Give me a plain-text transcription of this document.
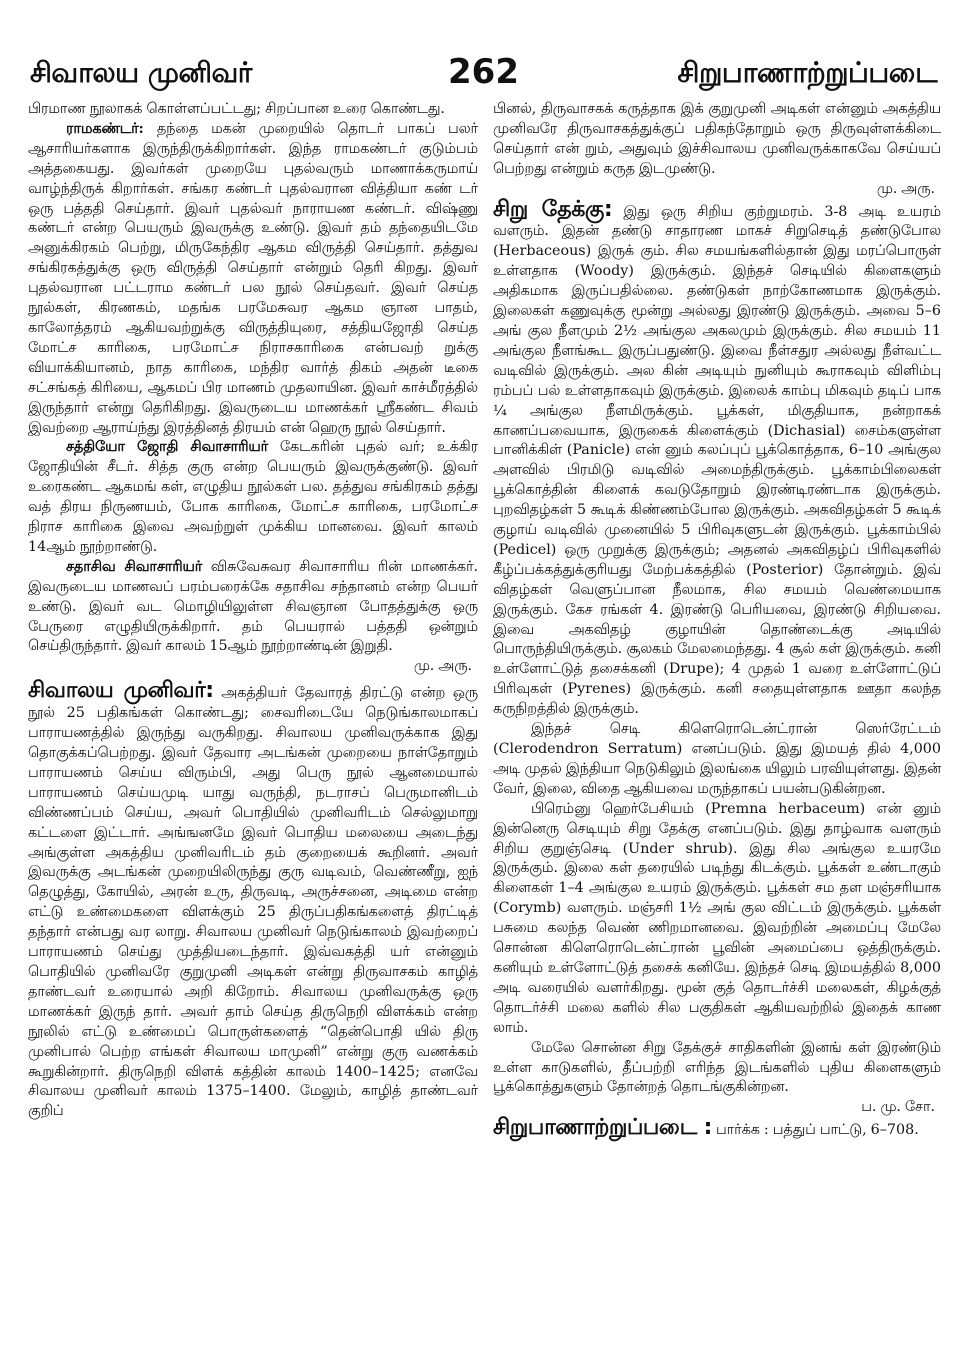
சிவாலய முனிவர்	262	சிறுபாணாற்றுப்படை

பிரமாண நூலாகக் கொள்ளப்பட்டது; சிறப்பான உரை கொண்டது.

ராமகண்டர்: தந்தை மகன் முறையில் தொடர் பாகப் பலர் ஆசாரியர்களாக இருந்திருக்கிறார்கள். இந்த ராமகண்டர் குடும்பம் அத்தகையது. இவர்கள் முறையே புதல்வரும் மாணாக்கருமாய் வாழ்ந்திருக் கிறார்கள். சங்கர கண்டர் புதல்வரான வித்தியா கண் டர் ஒரு பத்ததி செய்தார். இவர் புதல்வர் நாராயண கண்டர். விஷ்ணு கண்டர் என்ற பெயரும் இவருக்கு உண்டு. இவர் தம் தந்தையிடமே அனுக்கிரகம் பெற்று, மிருகேந்திர ஆகம விருத்தி செய்தார். தத்துவ சங்கிரகத்துக்கு ஒரு விருத்தி செய்தார் என்றும் தெரி கிறது. இவர் புதல்வரான பட்டராம கண்டர் பல நூல் செய்தவர். இவர் செய்த நூல்கள், கிரணகம், மதங்க பரமேசுவர ஆகம ஞான பாதம், காலோத்தரம் ஆகியவற்றுக்கு விருத்தியுரை, சத்தியஜோதி செய்த மோட்ச காரிகை, பரமோட்ச நிராசகாரிகை என்பவற் றுக்கு வியாக்கியானம், நாத காரிகை, மந்திர வார்த் திகம் அதன் டீகை சட்சங்கத் கிரியை, ஆகமப் பிர மாணம் முதலாயின. இவர் காச்மீரத்தில் இருந்தார் என்று தெரிகிறது. இவருடைய மாணக்கர் ஸ்ரீகண்ட சிவம் இவற்றை ஆராய்ந்து இரத்தினத் திரயம் என் ஹெரு நூல் செய்தார்.

சத்தியோ ஜோதி சிவாசாரியர் கேடகரின் புதல் வர்; உக்கிர ஜோதியின் சீடர். சித்த குரு என்ற பெயரும் இவருக்குண்டு. இவர் உரைகண்ட ஆகமங் கள், எழுதிய நூல்கள் பல. தத்துவ சங்கிரகம் தத்து வத் திரய நிருணயம், போக காரிகை, மோட்ச காரிகை, பரமோட்ச நிராச காரிகை இவை அவற்றுள் முக்கிய மானவை. இவர் காலம் 14ஆம் நூற்றாண்டு.

சதாசிவ சிவாசாரியர் விசுவேசுவர சிவாசாரிய ரின் மாணக்கர். இவருடைய மாணவப் பரம்பரைக்கே சதாசிவ சந்தானம் என்ற பெயர் உண்டு. இவர் வட மொழியிலுள்ள சிவஞான போதத்துக்கு ஒரு பேருரை எழுதியிருக்கிறார். தம் பெயரால் பத்ததி ஒன்றும் செய்திருந்தார். இவர் காலம் 15ஆம் நூற்றாண்டின் இறுதி.
மு. அரு.

சிவாலய முனிவர்: அகத்தியர் தேவாரத் திரட்டு என்ற ஒரு நூல் 25 பதிகங்கள் கொண்டது; சைவரிடையே நெடுங்காலமாகப் பாராயணத்தில் இருந்து வருகிறது. சிவாலய முனிவருக்காக இது தொகுக்கப்பெற்றது. இவர் தேவார அடங்கன் முறையை நாள்தோறும் பாராயணம் செய்ய விரும்பி, அது பெரு நூல் ஆனமையால் பாராயணம் செய்யமுடி யாது வருந்தி, நடராசப் பெருமானிடம் விண்ணப்பம் செய்ய, அவர் பொதியில் முனிவரிடம் செல்லுமாறு கட்டளை இட்டார். அங்ஙனமே இவர் பொதிய மலையை அடைந்து அங்குள்ள அகத்திய முனிவரிடம் தம் குறையைக் கூறினர். அவர் இவருக்கு அடங்கன் முறையிலிருந்து குரு வடிவம், வெண்ணீறு, ஐந் தெழுத்து, கோயில், அரன் உரு, திருவடி, அருச்சனை, அடிமை என்ற எட்டு உண்மைகளை விளக்கும் 25 திருப்பதிகங்களைத் திரட்டித் தந்தார் என்பது வர லாறு. சிவாலய முனிவர் நெடுங்காலம் இவற்றைப் பாராயணம் செய்து முத்தியடைந்தார். இவ்வகத்தி யர் என்னும் பொதியில் முனிவரே குறுமுனி அடிகள் என்று திருவாசகம் காழித் தாண்டவர் உரையால் அறி கிறோம். சிவாலய முனிவருக்கு ஒரு மாணக்கர் இருந் தார். அவர் தாம் செய்த திருநெறி விளக்கம் என்ற நூலில் எட்டு உண்மைப் பொருள்களைத் “தென்பொதி யில் திரு முனிபால் பெற்ற எங்கள் சிவாலய மாமுனி” என்று குரு வணக்கம் கூறுகின்றார். திருநெறி விளக் கத்தின் காலம் 1400–1425; எனவே சிவாலய முனிவர் காலம் 1375–1400. மேலும், காழித் தாண்டவர் குறிப்

பினல், திருவாசகக் கருத்தாக இக் குறுமுனி அடிகள் என்னும் அகத்திய முனிவரே திருவாசகத்துக்குப் பதிகந்தோறும் ஒரு திருவுள்ளக்கிடை செய்தார் என் றும், அதுவும் இச்சிவாலய முனிவருக்காகவே செய்யப் பெற்றது என்றும் கருத இடமுண்டு.
மு. அரு.

சிறு தேக்கு: இது ஒரு சிறிய குற்றுமரம். 3-8 அடி உயரம் வளரும். இதன் தண்டு சாதாரண மாகச் சிறுசெடித் தண்டுபோல (Herbaceous) இருக் கும். சில சமயங்களில்தான் இது மரப்பொருள் உள்ளதாக (Woody) இருக்கும். இந்தச் செடியில் கிளைகளும் அதிகமாக இருப்பதில்லை. தண்டுகள் நாற்கோணமாக இருக்கும். இலைகள் கணுவுக்கு மூன்று அல்லது இரண்டு இருக்கும். அவை 5–6 அங் குல நீளமும் 2½ அங்குல அகலமும் இருக்கும். சில சமயம் 11 அங்குல நீளங்கூட இருப்பதுண்டு. இவை நீள்சதுர அல்லது நீள்வட்ட வடிவில் இருக்கும். அல கின் அடியும் நுனியும் கூராகவும் விளிம்பு ரம்பப் பல் உள்ளதாகவும் இருக்கும். இலைக் காம்பு மிகவும் தடிப் பாக ¼ அங்குல நீளமிருக்கும். பூக்கள், மிகுதியாக, நன்றாகக் காணப்பவையாக, இருகைக் கிளைக்கும் (Dichasial) சைம்களுள்ள பானிக்கிள் (Panicle) என் னும் கலப்புப் பூக்கொத்தாக, 6–10 அங்குல அளவில் பிரமிடு வடிவில் அமைந்திருக்கும். பூக்காம்பிலைகள் பூக்கொத்தின் கிளைக் கவடுதோறும் இரண்டிரண்டாக இருக்கும். புறவிதழ்கள் 5 கூடிக் கிண்ணம்போல இருக்கும். அகவிதழ்கள் 5 கூடிக் குழாய் வடிவில் முனையில் 5 பிரிவுகளுடன் இருக்கும். பூக்காம்பில் (Pedicel) ஒரு முறுக்கு இருக்கும்; அதனல் அகவிதழ்ப் பிரிவுகளில் கீழ்ப்பக்கத்துக்குரியது மேற்பக்கத்தில் (Posterior) தோன்றும். இவ் விதழ்கள் வெளுப்பான நீலமாக, சில சமயம் வெண்மையாக இருக்கும். கேச ரங்கள் 4. இரண்டு பெரியவை, இரண்டு சிறியவை. இவை அகவிதழ் குழாயின் தொண்டைக்கு அடியில் பொருந்தியிருக்கும். சூலகம் மேலமைந்தது. 4 சூல் கள் இருக்கும். கனி உள்ளோட்டுத் தசைக்கனி (Drupe); 4 முதல் 1 வரை உள்ளோட்டுப் பிரிவுகள் (Pyrenes) இருக்கும். கனி சதையுள்ளதாக ஊதா கலந்த கருநிறத்தில் இருக்கும்.

இந்தச் செடி கிளெரொடென்ட்ரான் ஸெர்ரேட்டம் (Clerodendron Serratum) எனப்படும். இது இமயத் தில் 4,000 அடி முதல் இந்தியா நெடுகிலும் இலங்கை யிலும் பரவியுள்ளது. இதன் வேர், இலை, விதை ஆகியவை மருந்தாகப் பயன்படுகின்றன.

பிரெம்னு ஹெர்பேசியம் (Premna herbaceum) என் னும் இன்னெரு செடியும் சிறு தேக்கு எனப்படும். இது தாழ்வாக வளரும் சிறிய குறுஞ்செடி (Under shrub). இது சில அங்குல உயரமே இருக்கும். இலை கள் தரையில் படிந்து கிடக்கும். பூக்கள் உண்டாகும் கிளைகள் 1–4 அங்குல உயரம் இருக்கும். பூக்கள் சம தள மஞ்சரியாக (Corymb) வளரும். மஞ்சரி 1½ அங் குல விட்டம் இருக்கும். பூக்கள் பசுமை கலந்த வெண் ணிறமானவை. இவற்றின் அமைப்பு மேலே சொன்ன கிளெரொடென்ட்ரான் பூவின் அமைப்பை ஒத்திருக்கும். கனியும் உள்ளோட்டுத் தசைக் கனியே. இந்தச் செடி இமயத்தில் 8,000 அடி வரையில் வளர்கிறது. மூன் குத் தொடர்ச்சி மலைகள், கிழக்குத் தொடர்ச்சி மலை களில் சில பகுதிகள் ஆகியவற்றில் இதைக் காண லாம்.

மேலே சொன்ன சிறு தேக்குச் சாதிகளின் இனங் கள் இரண்டும் உள்ள காடுகளில், தீப்பற்றி எரிந்த இடங்களில் புதிய கிளைகளும் பூக்கொத்துகளும் தோன்றத் தொடங்குகின்றன.
ப. மு. சோ.

சிறுபாணாற்றுப்படை : பார்க்க : பத்துப் பாட்டு, 6–708.
